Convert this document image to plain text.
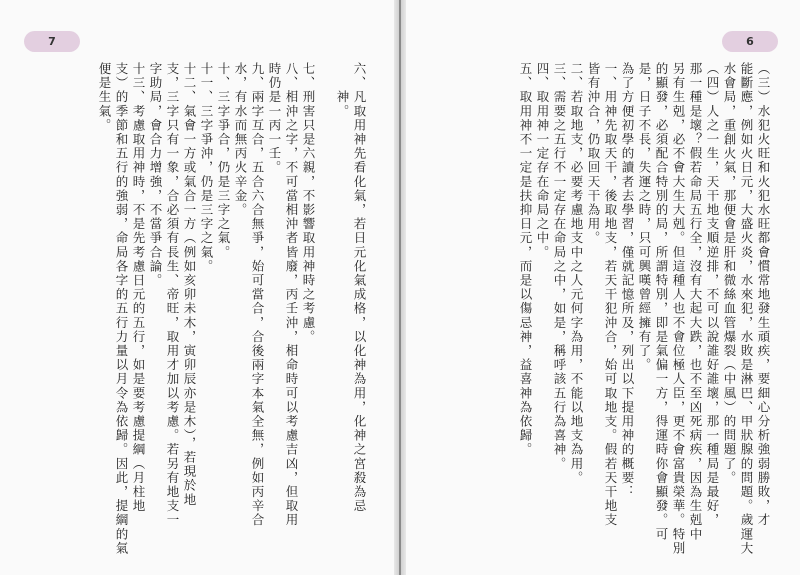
7
六、凡取用神先看化氣，若日元化氣成格，以化神為用，化神之宮殺為忌
　　神。
七、刑害只是六親，不影響取用神時之考慮。
八、相沖之字，不可當相沖者皆廢，丙壬沖，相命時可以考慮吉凶，但取用
時仍是一丙一壬。
九、兩字互合，五合六合無爭，始可當合，合後兩字本氣全無，例如丙辛合
水，有水而無丙火辛金。
十、三字爭合，仍是三字之氣。
十一、三字爭沖，仍是三字之氣。
十二、氣會一方或氣合一方（例如亥卯未木，寅卯辰亦是木），若現於地
支，三字只有一象，合必須有長生、帝旺，取用才加以考慮。若另有地支一
字助局，會合力增強，不當爭合論。
十三、考慮取用神時，不是先考慮日元的五行，如是要考慮提綱（月柱地
支）的季節和五行的強弱，命局各字的五行力量以月令為依歸。因此，提綱的氣
便是生氣。
6
（三）水犯火旺和火犯水旺都會慣常地發生頑疾，要細心分析強弱勝敗，才
能斷應，例如火日元，大盛火炎，水來犯，水敗是淋巴、甲狀腺的問題。歲運大
水會局，重創火氣，那便會是肝和微絲血管爆裂（中風）的問題了。
（四）人之一生，天干地支順逆排，不可以說誰好誰壞，那一種局是最好，
那一種是壞？假若命局五行全，沒有大起大跌，也不至凶死病疾，因為生剋中
另有生剋，必不會大生大剋。但這種人也不會位極人臣，更不會富貴榮華。特別
的顯發，必須配合特別的局，所謂特別，即是氣偏一方，得運時你會顯發。可
是，日子不長，失運之時，只可興嘆曾經擁有了。
為了方便初學的讀者去學習，僅就記憶所及，列出以下提用神的概要：
一、用神先取天干，後取地支，若天干犯沖合，始可取地支。假若天干地支
皆有沖合，仍取回天干為用。
二、若取地支，必要考慮地支中之人元何字為用，不能以地支為用。
三、需要之五行不一定存在命局之中，如是，稱呼該五行為喜神。
四、取用神一定存在命局之中。
五、取用神不一定是扶抑日元，而是以傷忌神，益喜神為依歸。
